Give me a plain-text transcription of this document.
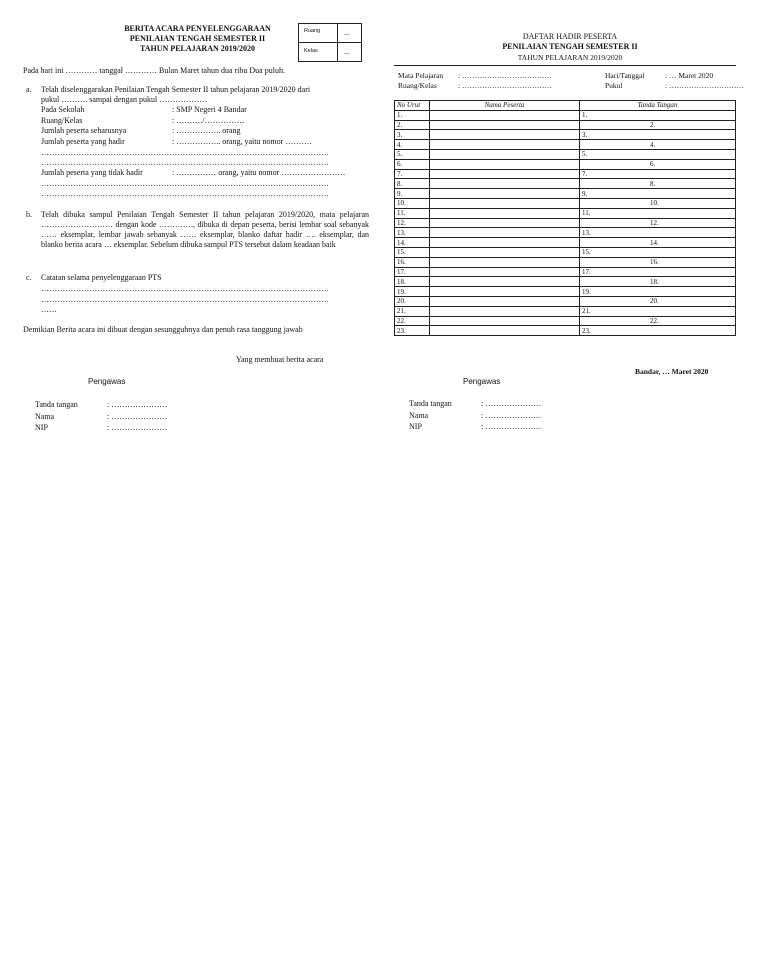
BERITA ACARA PENYELENGGARAAN
PENILAIAN TENGAH SEMESTER II
TAHUN PELAJARAN 2019/2020
Ruang	...
Kelas	...
Pada hari ini ………… tanggal ………… Bulan Maret tahun dua ribu Dua puluh.
a. Telah diselenggarakan Penilaian Tengah Semester II tahun pelajaran 2019/2020 dari
pukul ………. sampai dengan pukul ………………
Pada Sekolah	: SMP Negeri 4 Bandar
Ruang/Kelas	: ………./……………
Jumlah peserta seharusnya	: …………….. orang
Jumlah peserta yang hadir	: …………….. orang, yaitu nomor ……….
………………………………………………………………………………………………
………………………………………………………………………………………………
Jumlah peserta yang tidak hadir	: …………… orang, yaitu nomor ……………………
………………………………………………………………………………………………
………………………………………………………………………………………………
b. Telah dibuka sampul Penilaian Tengah Semester II tahun pelajaran 2019/2020, mata pelajaran ……………………… dengan kode …………., dibuka di depan peserta, berisi lembar soal sebanyak …… eksemplar, lembar jawab sebanyak …… eksemplar, blanko daftar hadir …. eksemplar, dan blanko berita acara … eksemplar. Sebelum dibuka sampul PTS tersebut dalam keadaan baik
c. Catatan selama penyelenggaraan PTS
………………………………………………………………………………………………
………………………………………………………………………………………………
……
Demikian Berita acara ini dibuat dengan sesungguhnya dan penuh rasa tanggung jawab
Yang membuat berita acara
Pengawas
Tanda tangan	: …………………
Nama	: …………………
NIP	: …………………
DAFTAR HADIR PESERTA
PENILAIAN TENGAH SEMESTER II
TAHUN PELAJARAN 2019/2020
Mata Pelajaran : ………………………………
Ruang/Kelas	: ………………………………
Hari/Tanggal	: … Maret 2020
Pukul	: …………………………
No Urut	Nama Peserta	Tanda Tangan
1.		1.
2.		2.
3.		3.
4.		4.
5.		5.
6.		6.
7.		7.
8.		8.
9.		9.
10.		10.
11.		11.
12.		12.
13.		13.
14.		14.
15.		15.
16.		16.
17.		17.
18.		18.
19.		19.
20.		20.
21.		21.
22.		22.
23.		23.
Bandar, … Maret 2020
Pengawas
Tanda tangan	: …………………
Nama	: …………………
NIP	: …………………
